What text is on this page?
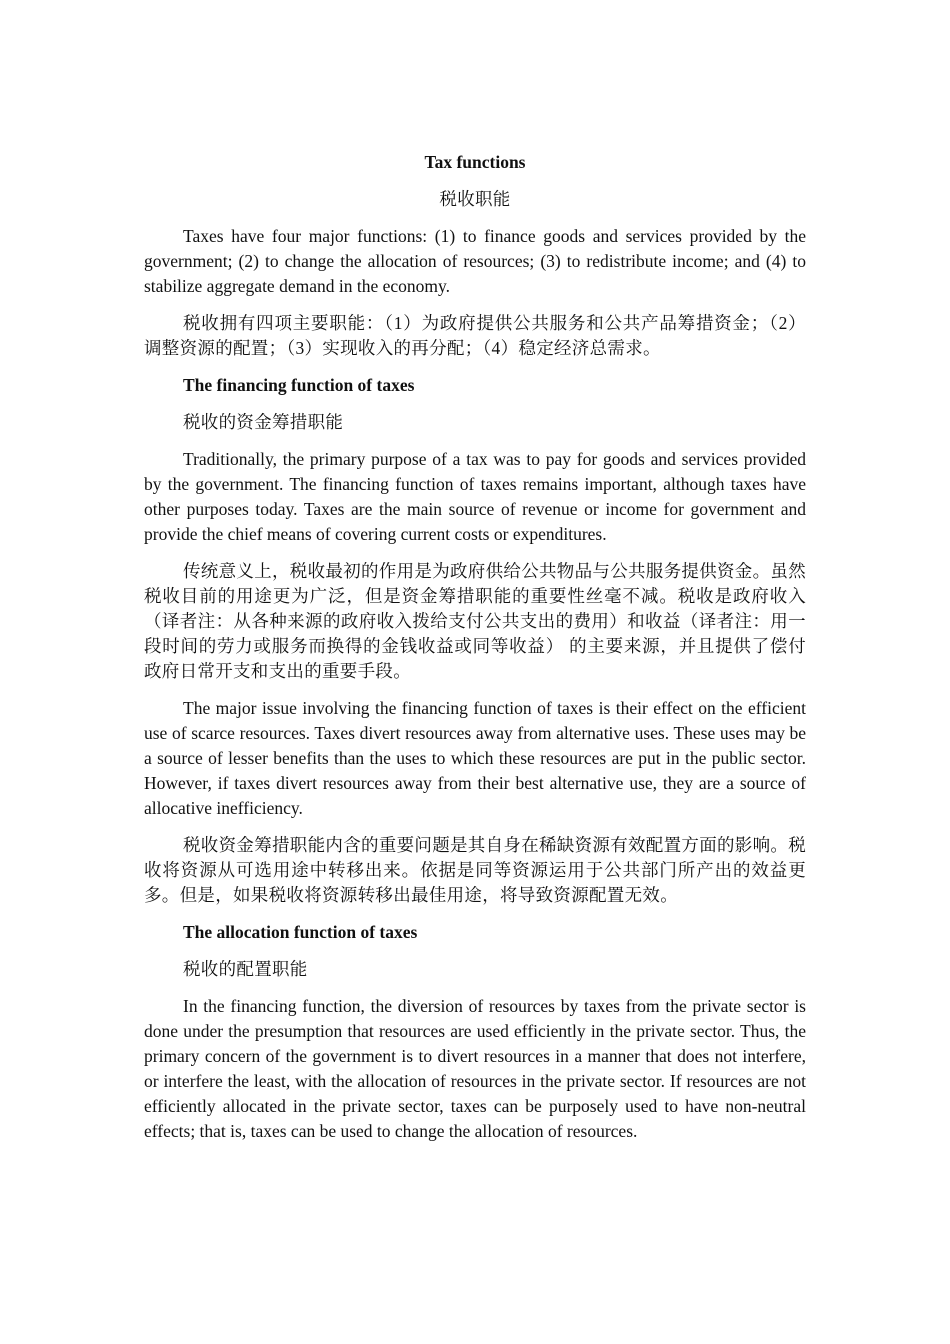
Tax functions
税收职能
Taxes have four major functions: (1) to finance goods and services provided by the government; (2) to change the allocation of resources; (3) to redistribute income; and (4) to stabilize aggregate demand in the economy.
税收拥有四项主要职能：（1）为政府提供公共服务和公共产品筹措资金；（2）调整资源的配置；（3）实现收入的再分配；（4）稳定经济总需求。
The financing function of taxes
税收的资金筹措职能
Traditionally, the primary purpose of a tax was to pay for goods and services provided by the government. The financing function of taxes remains important, although taxes have other purposes today. Taxes are the main source of revenue or income for government and provide the chief means of covering current costs or expenditures.
传统意义上，税收最初的作用是为政府供给公共物品与公共服务提供资金。虽然税收目前的用途更为广泛，但是资金筹措职能的重要性丝毫不减。税收是政府收入（译者注：从各种来源的政府收入拨给支付公共支出的费用）和收益（译者注：用一段时间的劳力或服务而换得的金钱收益或同等收益） 的主要来源，并且提供了偿付政府日常开支和支出的重要手段。
The major issue involving the financing function of taxes is their effect on the efficient use of scarce resources. Taxes divert resources away from alternative uses. These uses may be a source of lesser benefits than the uses to which these resources are put in the public sector. However, if taxes divert resources away from their best alternative use, they are a source of allocative inefficiency.
税收资金筹措职能内含的重要问题是其自身在稀缺资源有效配置方面的影响。税收将资源从可选用途中转移出来。依据是同等资源运用于公共部门所产出的效益更多。但是，如果税收将资源转移出最佳用途，将导致资源配置无效。
The allocation function of taxes
税收的配置职能
In the financing function, the diversion of resources by taxes from the private sector is done under the presumption that resources are used efficiently in the private sector. Thus, the primary concern of the government is to divert resources in a manner that does not interfere, or interfere the least, with the allocation of resources in the private sector. If resources are not efficiently allocated in the private sector, taxes can be purposely used to have non-neutral effects; that is, taxes can be used to change the allocation of resources.
